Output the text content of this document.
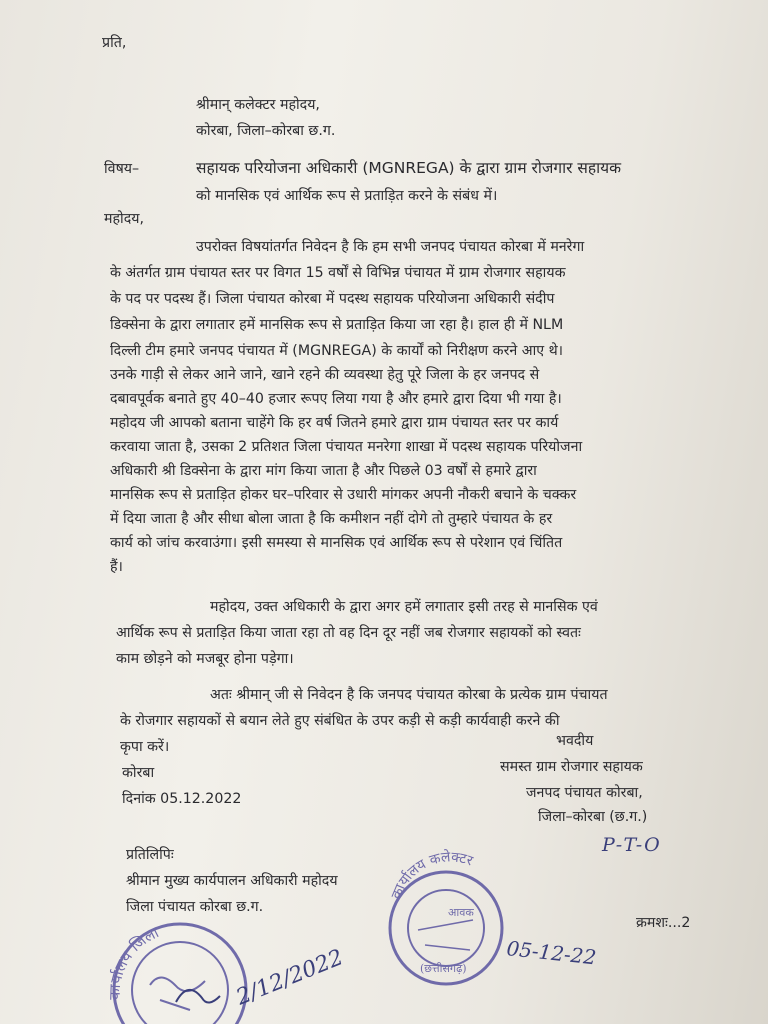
प्रति,
श्रीमान् कलेक्टर महोदय,
कोरबा, जिला–कोरबा छ.ग.
विषय–	सहायक परियोजना अधिकारी (MGNREGA) के द्वारा ग्राम रोजगार सहायक
को मानसिक एवं आर्थिक रूप से प्रताड़ित करने के संबंध में।
महोदय,
उपरोक्त विषयांतर्गत निवेदन है कि हम सभी जनपद पंचायत कोरबा में मनरेगा
के अंतर्गत ग्राम पंचायत स्तर पर विगत 15 वर्षों से विभिन्न पंचायत में ग्राम रोजगार सहायक
के पद पर पदस्थ हैं। जिला पंचायत कोरबा में पदस्थ सहायक परियोजना अधिकारी संदीप
डिक्सेना के द्वारा लगातार हमें मानसिक रूप से प्रताड़ित किया जा रहा है। हाल ही में NLM
दिल्ली टीम हमारे जनपद पंचायत में (MGNREGA) के कार्यों को निरीक्षण करने आए थे।
उनके गाड़ी से लेकर आने जाने, खाने रहने की व्यवस्था हेतु पूरे जिला के हर जनपद से
दबावपूर्वक बनाते हुए 40–40 हजार रूपए लिया गया है और हमारे द्वारा दिया भी गया है।
महोदय जी आपको बताना चाहेंगे कि हर वर्ष जितने हमारे द्वारा ग्राम पंचायत स्तर पर कार्य
करवाया जाता है, उसका 2 प्रतिशत जिला पंचायत मनरेगा शाखा में पदस्थ सहायक परियोजना
अधिकारी श्री डिक्सेना के द्वारा मांग किया जाता है और पिछले 03 वर्षों से हमारे द्वारा
मानसिक रूप से प्रताड़ित होकर घर–परिवार से उधारी मांगकर अपनी नौकरी बचाने के चक्कर
में दिया जाता है और सीधा बोला जाता है कि कमीशन नहीं दोगे तो तुम्हारे पंचायत के हर
कार्य को जांच करवाउंगा। इसी समस्या से मानसिक एवं आर्थिक रूप से परेशान एवं चिंतित
हैं।
महोदय, उक्त अधिकारी के द्वारा अगर हमें लगातार इसी तरह से मानसिक एवं
आर्थिक रूप से प्रताड़ित किया जाता रहा तो वह दिन दूर नहीं जब रोजगार सहायकों को स्वतः
काम छोड़ने को मजबूर होना पड़ेगा।
अतः श्रीमान् जी से निवेदन है कि जनपद पंचायत कोरबा के प्रत्येक ग्राम पंचायत
के रोजगार सहायकों से बयान लेते हुए संबंधित के उपर कड़ी से कड़ी कार्यवाही करने की
कृपा करें।	भवदीय
कोरबा	समस्त ग्राम रोजगार सहायक
दिनांक 05.12.2022	जनपद पंचायत कोरबा,
जिला–कोरबा (छ.ग.)
P-T-O
प्रतिलिपिः
श्रीमान मुख्य कार्यपालन अधिकारी महोदय
जिला पंचायत कोरबा छ.ग.
क्रमशः...2
कार्यालय जिला
कार्यालय कलेक्टर
आवक
(छत्तीसगढ़)
2/12/2022	05-12-22
